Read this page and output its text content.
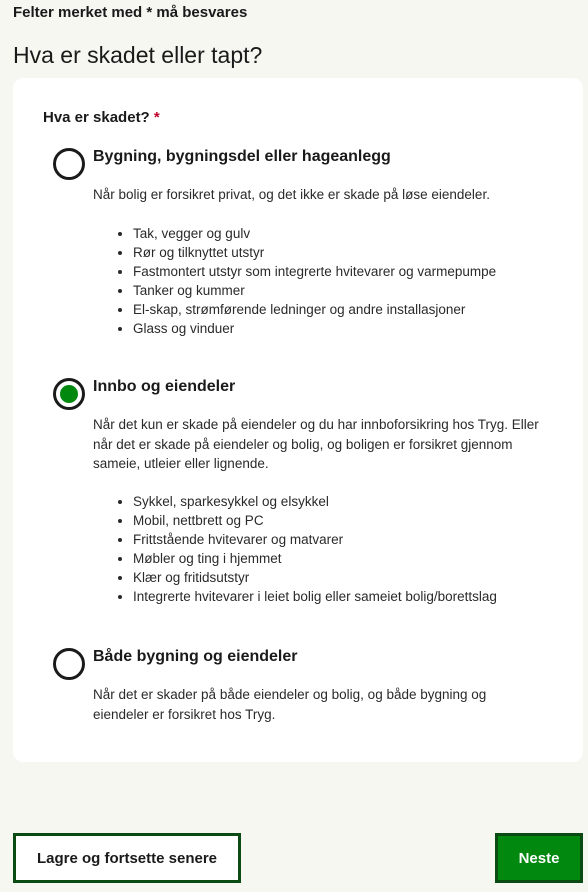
Felter merket med * må besvares
Hva er skadet eller tapt?
Hva er skadet? *
Bygning, bygningsdel eller hageanlegg

Når bolig er forsikret privat, og det ikke er skade på løse eiendeler.

• Tak, vegger og gulv
• Rør og tilknyttet utstyr
• Fastmontert utstyr som integrerte hvitevarer og varmepumpe
• Tanker og kummer
• El-skap, strømførende ledninger og andre installasjoner
• Glass og vinduer
Innbo og eiendeler

Når det kun er skade på eiendeler og du har innboforsikring hos Tryg. Eller når det er skade på eiendeler og bolig, og boligen er forsikret gjennom sameie, utleier eller lignende.

• Sykkel, sparkesykkel og elsykkel
• Mobil, nettbrett og PC
• Frittstående hvitevarer og matvarer
• Møbler og ting i hjemmet
• Klær og fritidsutstyr
• Integrerte hvitevarer i leiet bolig eller sameiet bolig/borettslag
Både bygning og eiendeler

Når det er skader på både eiendeler og bolig, og både bygning og eiendeler er forsikret hos Tryg.

Lagre og fortsette senere	Neste
